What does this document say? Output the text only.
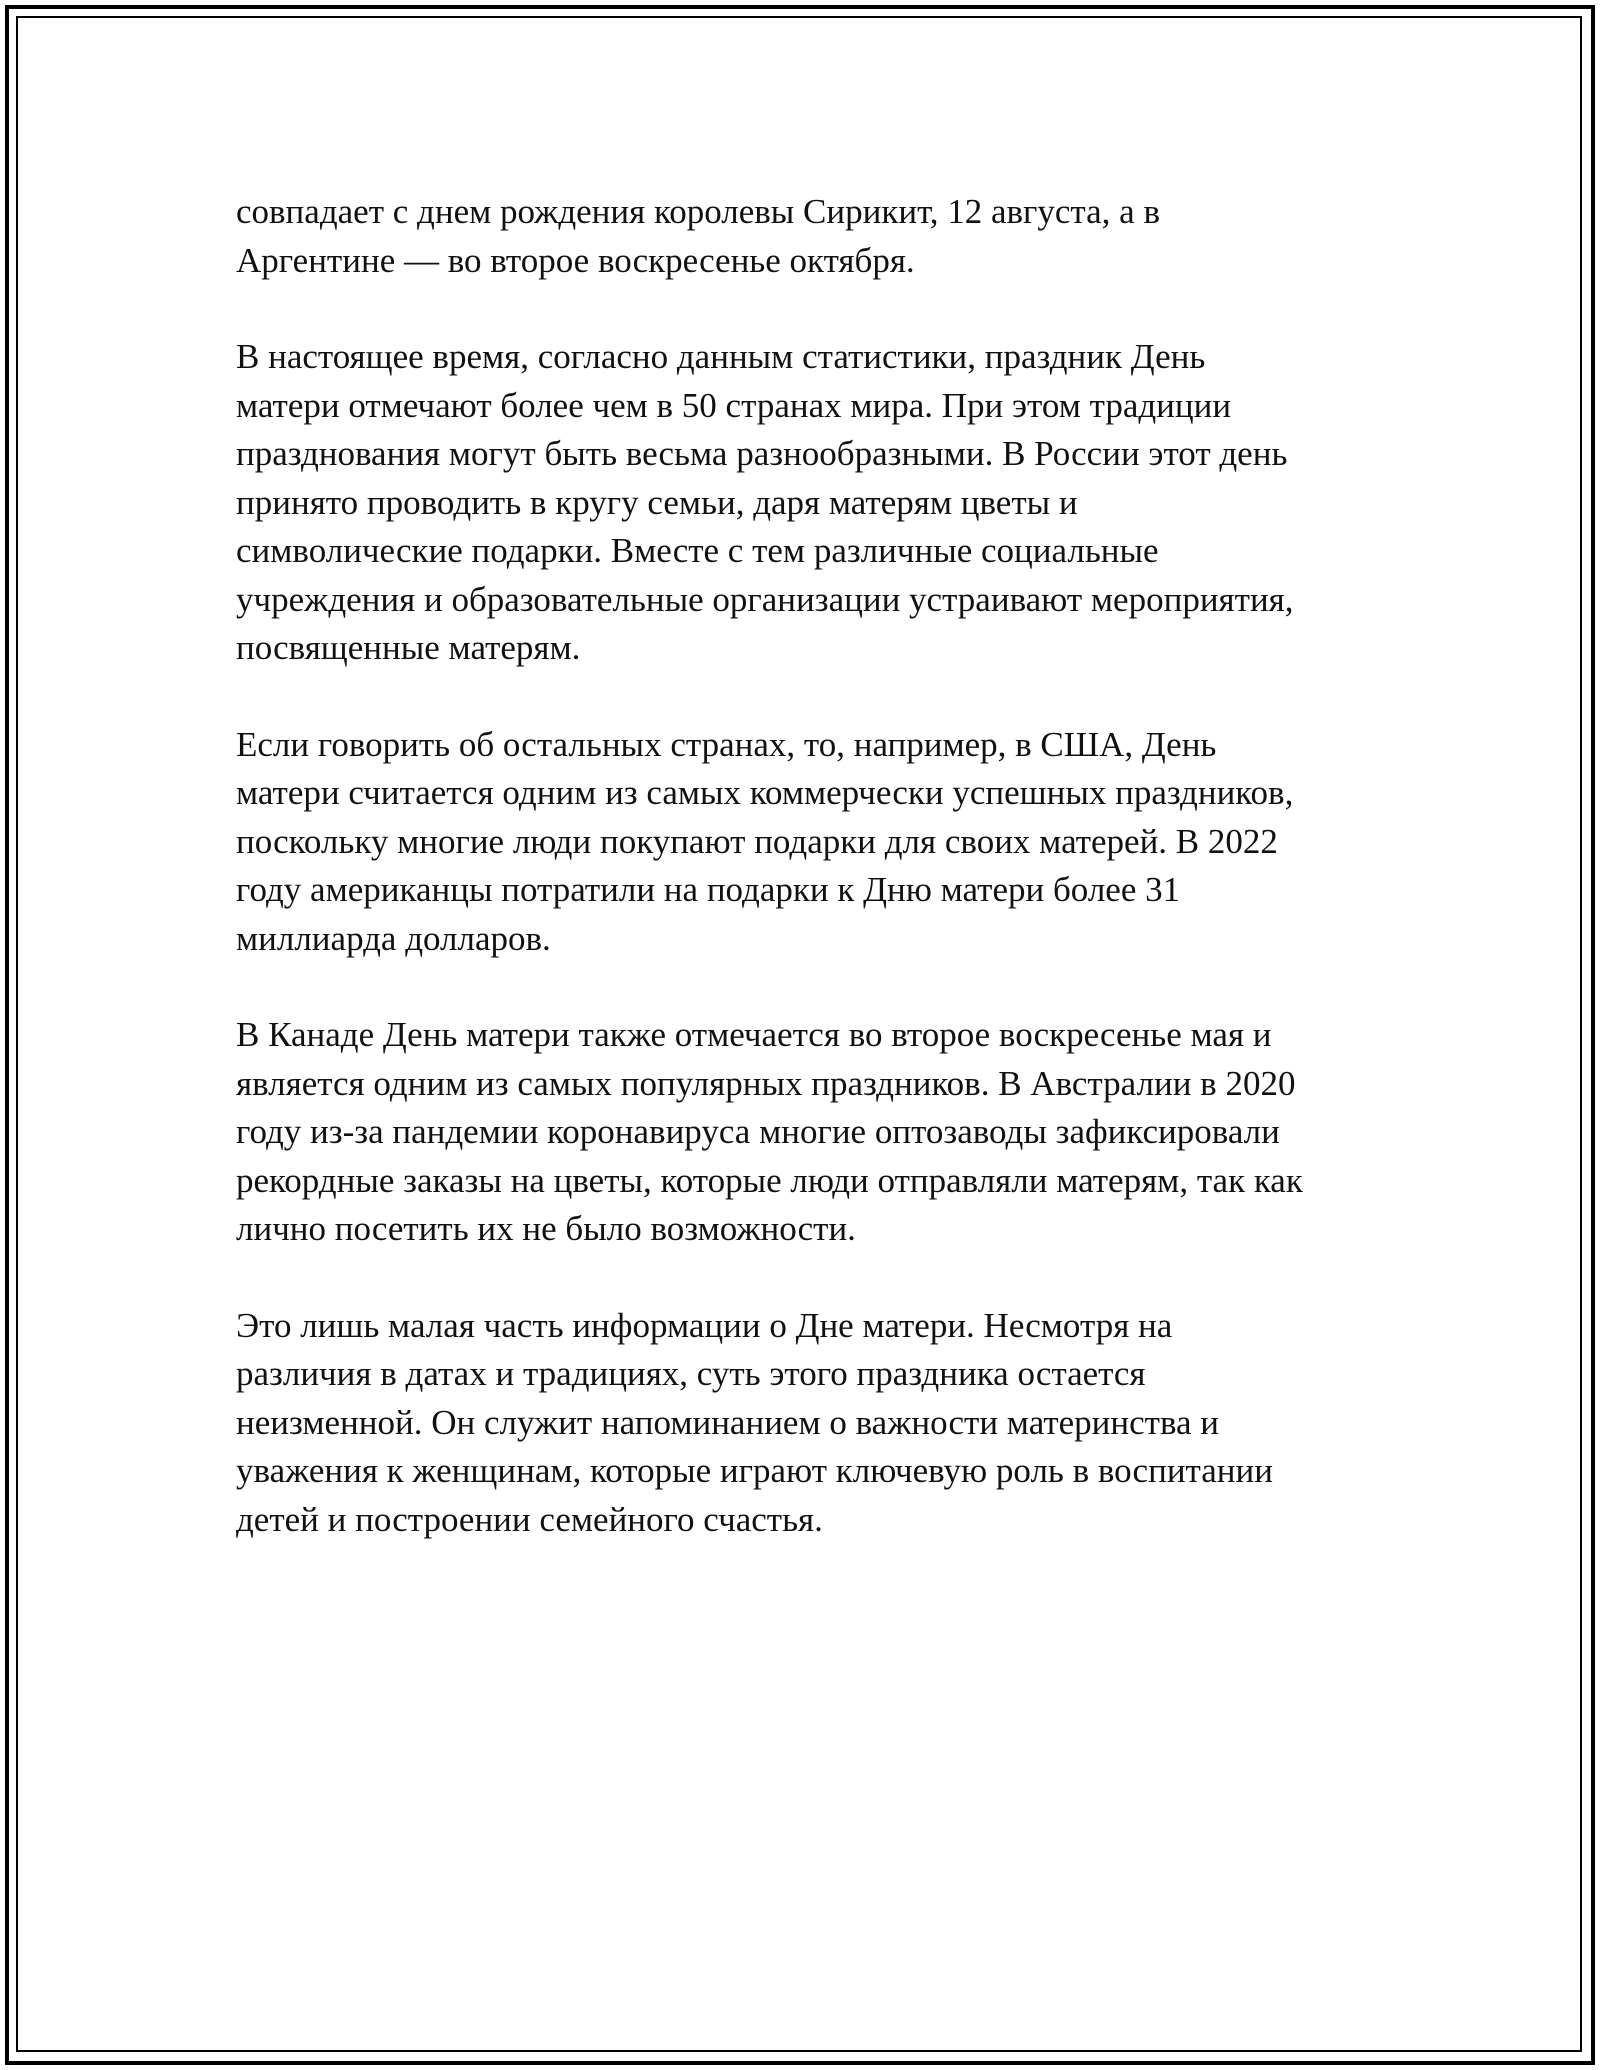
совпадает с днем рождения королевы Сирикит, 12 августа, а в
Аргентине — во второе воскресенье октября.

В настоящее время, согласно данным статистики, праздник День
матери отмечают более чем в 50 странах мира. При этом традиции
празднования могут быть весьма разнообразными. В России этот день
принято проводить в кругу семьи, даря матерям цветы и
символические подарки. Вместе с тем различные социальные
учреждения и образовательные организации устраивают мероприятия,
посвященные матерям.

Если говорить об остальных странах, то, например, в США, День
матери считается одним из самых коммерчески успешных праздников,
поскольку многие люди покупают подарки для своих матерей. В 2022
году американцы потратили на подарки к Дню матери более 31
миллиарда долларов.

В Канаде День матери также отмечается во второе воскресенье мая и
является одним из самых популярных праздников. В Австралии в 2020
году из-за пандемии коронавируса многие оптозаводы зафиксировали
рекордные заказы на цветы, которые люди отправляли матерям, так как
лично посетить их не было возможности.

Это лишь малая часть информации о Дне матери. Несмотря на
различия в датах и традициях, суть этого праздника остается
неизменной. Он служит напоминанием о важности материнства и
уважения к женщинам, которые играют ключевую роль в воспитании
детей и построении семейного счастья.
